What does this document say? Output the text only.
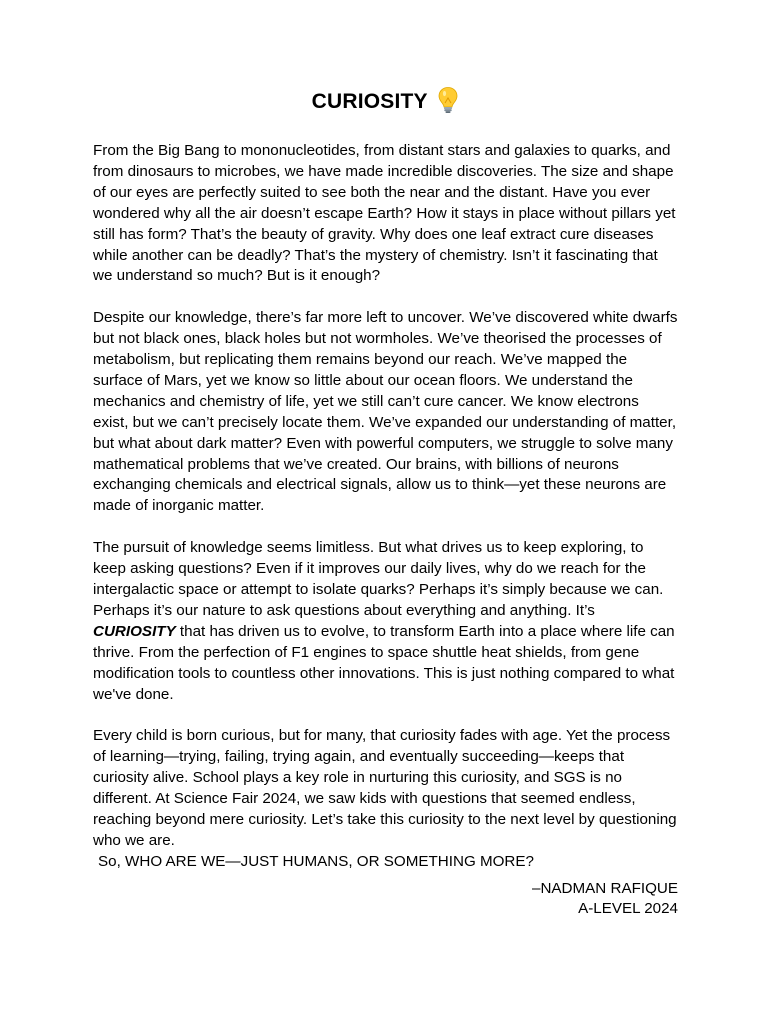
CURIOSITY

From the Big Bang to mononucleotides, from distant stars and galaxies to quarks, and from dinosaurs to microbes, we have made incredible discoveries. The size and shape of our eyes are perfectly suited to see both the near and the distant. Have you ever wondered why all the air doesn’t escape Earth? How it stays in place without pillars yet still has form? That’s the beauty of gravity. Why does one leaf extract cure diseases while another can be deadly? That’s the mystery of chemistry. Isn’t it fascinating that we understand so much? But is it enough?

Despite our knowledge, there’s far more left to uncover. We’ve discovered white dwarfs but not black ones, black holes but not wormholes. We’ve theorised the processes of metabolism, but replicating them remains beyond our reach. We’ve mapped the surface of Mars, yet we know so little about our ocean floors. We understand the mechanics and chemistry of life, yet we still can’t cure cancer. We know electrons exist, but we can’t precisely locate them. We’ve expanded our understanding of matter, but what about dark matter? Even with powerful computers, we struggle to solve many mathematical problems that we’ve created. Our brains, with billions of neurons exchanging chemicals and electrical signals, allow us to think—yet these neurons are made of inorganic matter.

The pursuit of knowledge seems limitless. But what drives us to keep exploring, to keep asking questions? Even if it improves our daily lives, why do we reach for the intergalactic space or attempt to isolate quarks? Perhaps it’s simply because we can. Perhaps it’s our nature to ask questions about everything and anything. It’s CURIOSITY that has driven us to evolve, to transform Earth into a place where life can thrive. From the perfection of F1 engines to space shuttle heat shields, from gene modification tools to countless other innovations. This is just nothing compared to what we've done.

Every child is born curious, but for many, that curiosity fades with age. Yet the process of learning—trying, failing, trying again, and eventually succeeding—keeps that curiosity alive. School plays a key role in nurturing this curiosity, and SGS is no different. At Science Fair 2024, we saw kids with questions that seemed endless, reaching beyond mere curiosity. Let’s take this curiosity to the next level by questioning who we are.

So, WHO ARE WE—JUST HUMANS, OR SOMETHING MORE?

–NADMAN RAFIQUE
A-LEVEL 2024
